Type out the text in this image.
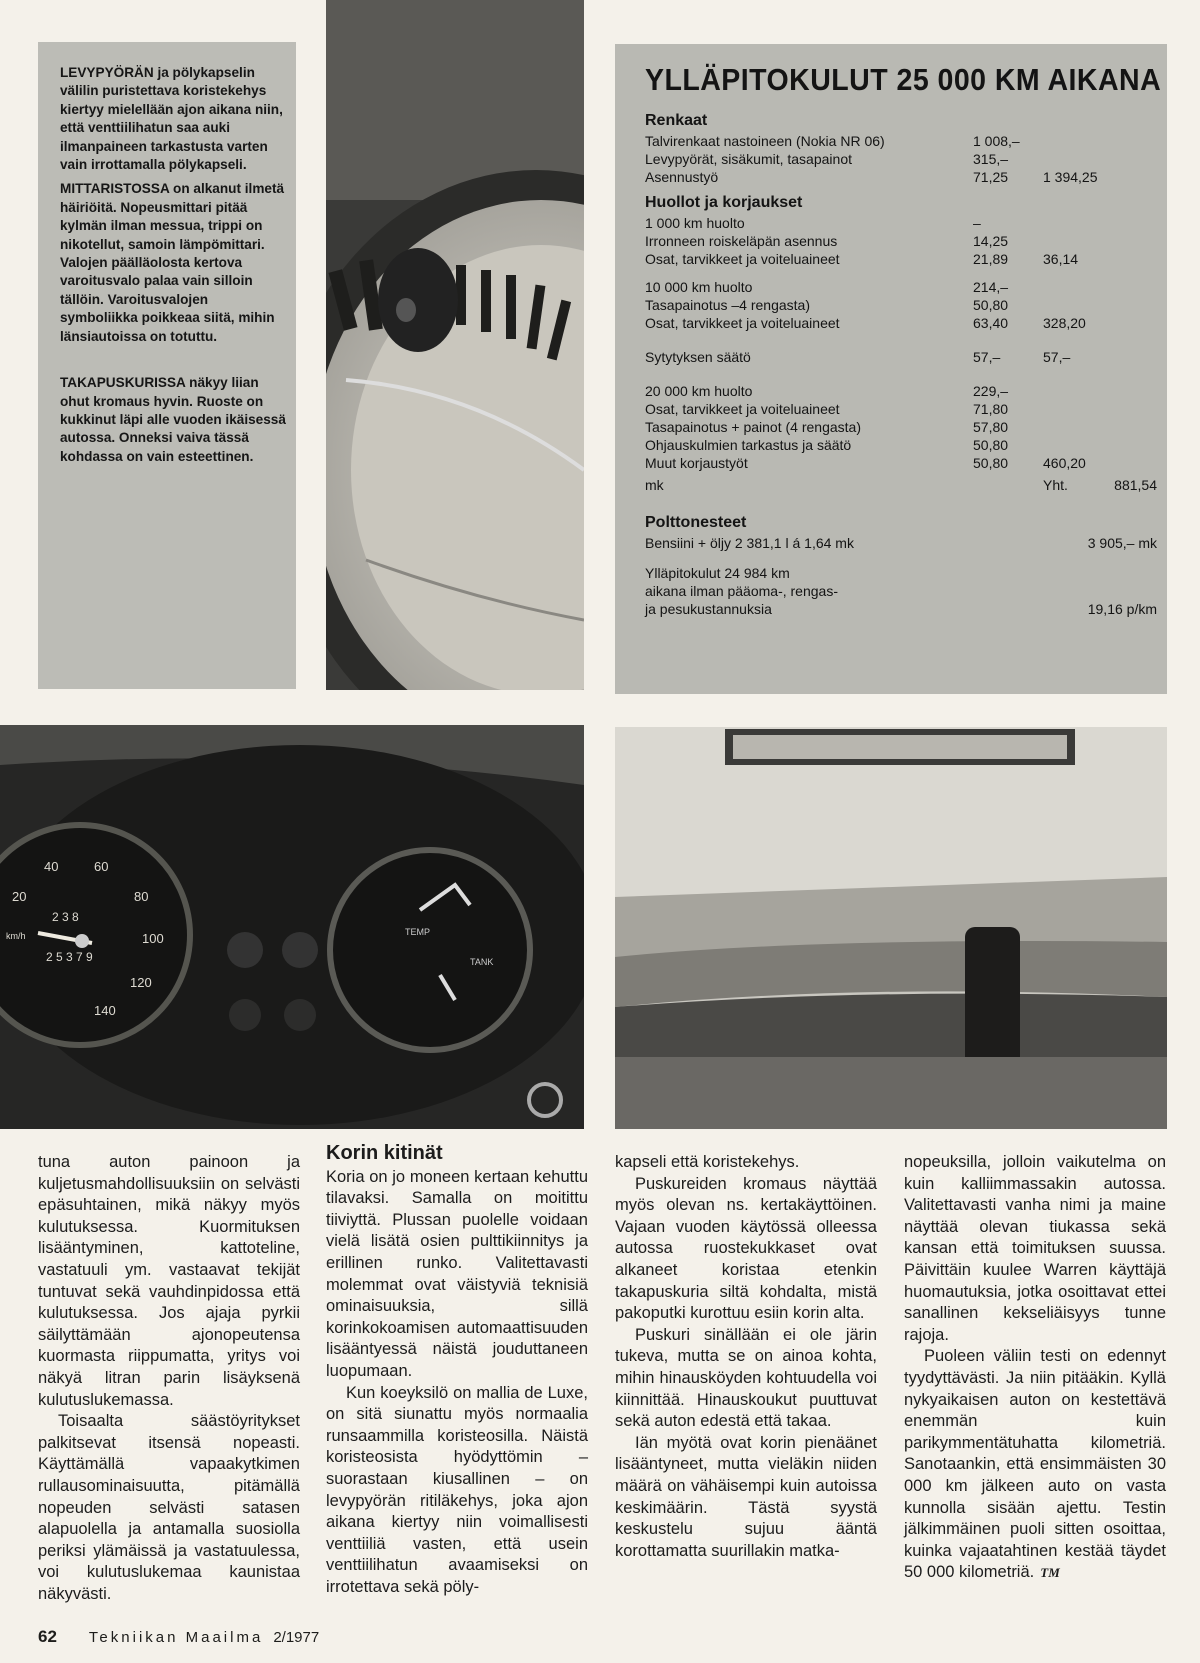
LEVYPYÖRÄN ja pölykapselin välilin puristettava koristekehys kiertyy mielellään ajon aikana niin, että venttiilihatun saa auki ilmanpaineen tarkastusta varten vain irrottamalla pölykapseli.

MITTARISTOSSA on alkanut ilmetä häiriöitä. Nopeusmittari pitää kylmän ilman messua, trippi on nikotellut, samoin lämpömittari. Valojen päälläolosta kertova varoitusvalo palaa vain silloin tällöin. Varoitusvalojen symboliikka poikkeaa siitä, mihin länsiautoissa on totuttu.

TAKAPUSKURISSA näkyy liian ohut kromaus hyvin. Ruoste on kukkinut läpi alle vuoden ikäisessä autossa. Onneksi vaiva tässä kohdassa on vain esteettinen.

YLLÄPITOKULUT 25 000 KM AIKANA
Renkaat
Talvirenkaat nastoineen (Nokia NR 06)	1 008,–
Levypyörät, sisäkumit, tasapainot	315,–
Asennustyö	71,25 1 394,25
Huollot ja korjaukset
1 000 km huolto	–
Irronneen roiskeläpän asennus	14,25
Osat, tarvikkeet ja voiteluaineet	21,89 36,14
10 000 km huolto	214,–
Tasapainotus –4 rengasta)	50,80
Osat, tarvikkeet ja voiteluaineet	63,40 328,20
Sytytyksen säätö	57,–	57,–
20 000 km huolto	229,–
Osat, tarvikkeet ja voiteluaineet	71,80
Tasapainotus + painot (4 rengasta)	57,80
Ohjauskulmien tarkastus ja säätö	50,80
Muut korjaustyöt	50,80 460,20
mk	Yht.	881,54
Polttonesteet
Bensiini + öljy 2 381,1 l á 1,64 mk	3 905,– mk
Ylläpitokulut 24 984 km
aikana ilman pääoma-, rengas-
ja pesukustannuksia	19,16 p/km
20
40	60
80
100
120
140
2 3 8
2 5 3 7 9
km/h	TEMP
TANK

tuna auton painoon ja kuljetusmahdollisuuksiin on selvästi epäsuhtainen, mikä näkyy myös kulutuksessa. Kuormituksen lisääntyminen, kattoteline, vastatuuli ym. vastaavat tekijät tuntuvat sekä vauhdinpidossa että kulutuksessa. Jos ajaja pyrkii säilyttämään ajonopeutensa kuormasta riippumatta, yritys voi näkyä litran parin lisäyksenä kulutuslukemassa.

Toisaalta säästöyritykset palkitsevat itsensä nopeasti. Käyttämällä vapaakytkimen rullausominaisuutta, pitämällä nopeuden selvästi satasen alapuolella ja antamalla suosiolla periksi ylämäissä ja vastatuulessa, voi kulutuslukemaa kaunistaa näkyvästi.

Korin kitinät

Koria on jo moneen kertaan kehuttu tilavaksi. Samalla on moitittu tiiviyttä. Plussan puolelle voidaan vielä lisätä osien pulttikiinnitys ja erillinen runko. Valitettavasti molemmat ovat väistyviä teknisiä ominaisuuksia, sillä korinkokoamisen automaattisuuden lisääntyessä näistä jouduttaneen luopumaan.

Kun koeyksilö on mallia de Luxe, on sitä siunattu myös normaalia runsaammilla koristeosilla. Näistä koristeosista hyödyttömin – suorastaan kiusallinen – on levypyörän ritiläkehys, joka ajon aikana kiertyy niin voimallisesti venttiiliä vasten, että usein venttiilihatun avaamiseksi on irrotettava sekä pöly-

kapseli että koristekehys.

Puskureiden kromaus näyttää myös olevan ns. kertakäyttöinen. Vajaan vuoden käytössä olleessa autossa ruostekukkaset ovat alkaneet koristaa etenkin takapuskuria siltä kohdalta, mistä pakoputki kurottuu esiin korin alta.

Puskuri sinällään ei ole järin tukeva, mutta se on ainoa kohta, mihin hinausköyden kohtuudella voi kiinnittää. Hinauskoukut puuttuvat sekä auton edestä että takaa.

Iän myötä ovat korin pienäänet lisääntyneet, mutta vieläkin niiden määrä on vähäisempi kuin autoissa keskimäärin. Tästä syystä keskustelu sujuu ääntä korottamatta suurillakin matka-

nopeuksilla, jolloin vaikutelma on kuin kalliimmassakin autossa. Valitettavasti vanha nimi ja maine näyttää olevan tiukassa sekä kansan että toimituksen suussa. Päivittäin kuulee Warren käyttäjä huomautuksia, jotka osoittavat ettei sanallinen kekseliäisyys tunne rajoja.

Puoleen väliin testi on edennyt tyydyttävästi. Ja niin pitääkin. Kyllä nykyaikaisen auton on kestettävä enemmän kuin parikymmentätuhatta kilometriä. Sanotaankin, että ensimmäisten 30 000 km jälkeen auto on vasta kunnolla sisään ajettu. Testin jälkimmäinen puoli sitten osoittaa, kuinka vajaatahtinen kestää täydet 50 000 kilometriä. TM

62 Tekniikan Maailma 2/1977
